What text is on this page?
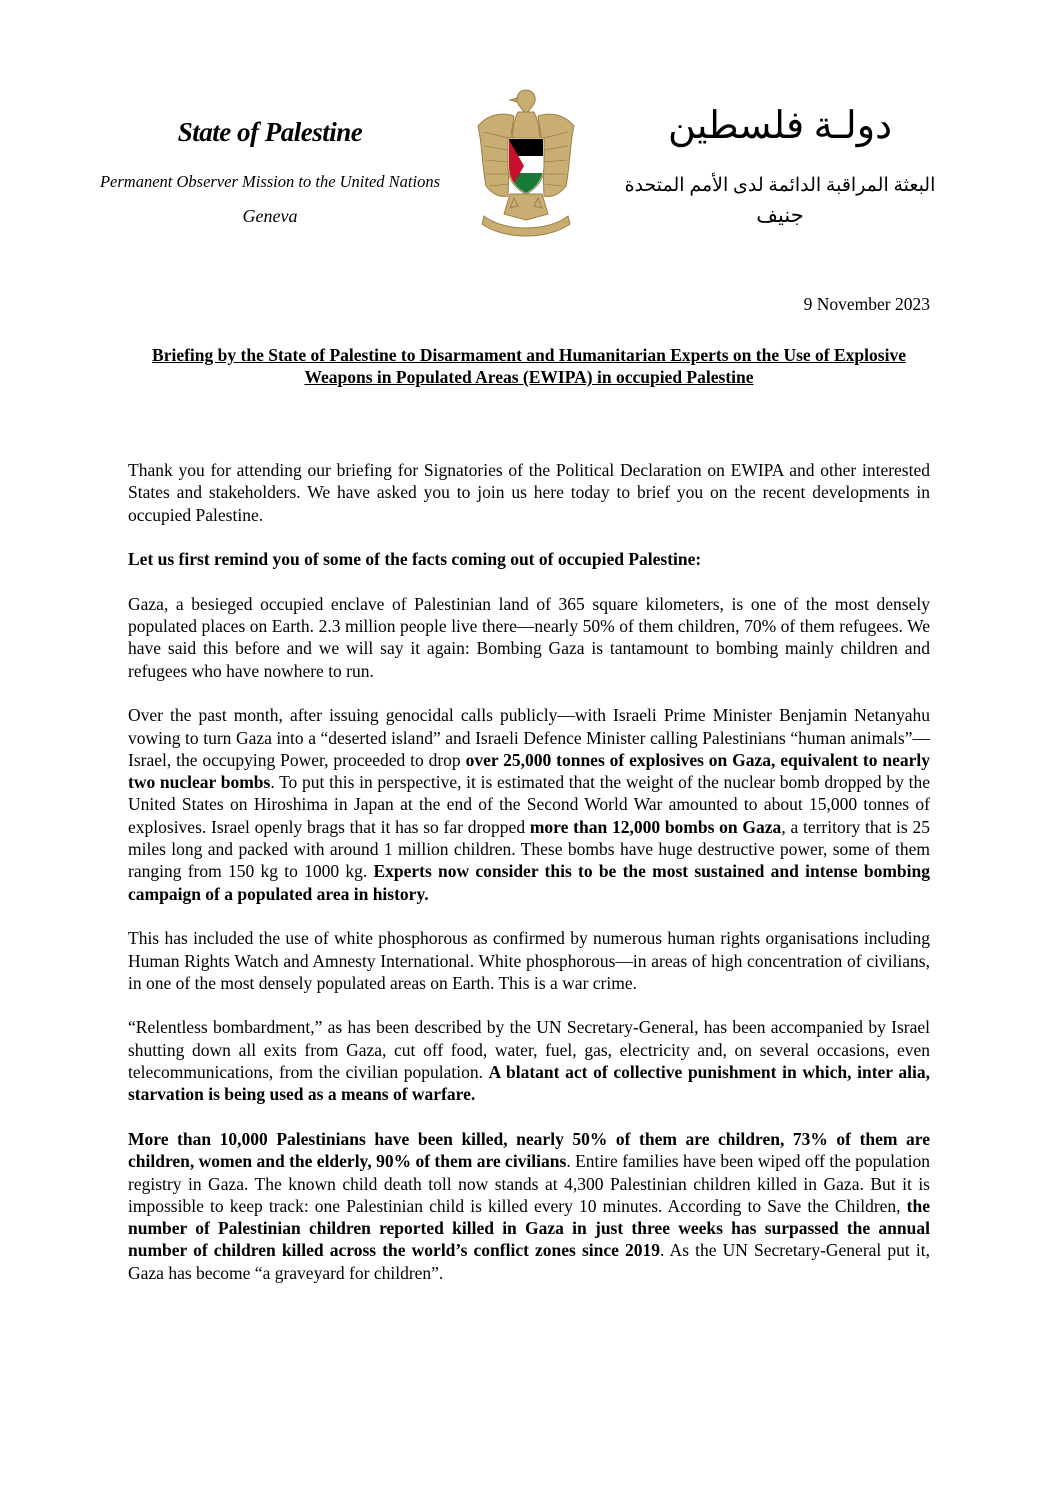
State of Palestine
Permanent Observer Mission to the United Nations
Geneva
دولـة فلسطين
البعثة المراقبة الدائمة لدى الأمم المتحدة
جنيف
9 November 2023
Briefing by the State of Palestine to Disarmament and Humanitarian Experts on the Use of Explosive Weapons in Populated Areas (EWIPA) in occupied Palestine

Thank you for attending our briefing for Signatories of the Political Declaration on EWIPA and other interested States and stakeholders. We have asked you to join us here today to brief you on the recent developments in occupied Palestine.

Let us first remind you of some of the facts coming out of occupied Palestine:

Gaza, a besieged occupied enclave of Palestinian land of 365 square kilometers, is one of the most densely populated places on Earth. 2.3 million people live there—nearly 50% of them children, 70% of them refugees. We have said this before and we will say it again: Bombing Gaza is tantamount to bombing mainly children and refugees who have nowhere to run.

Over the past month, after issuing genocidal calls publicly—with Israeli Prime Minister Benjamin Netanyahu vowing to turn Gaza into a “deserted island” and Israeli Defence Minister calling Palestinians “human animals”—Israel, the occupying Power, proceeded to drop over 25,000 tonnes of explosives on Gaza, equivalent to nearly two nuclear bombs. To put this in perspective, it is estimated that the weight of the nuclear bomb dropped by the United States on Hiroshima in Japan at the end of the Second World War amounted to about 15,000 tonnes of explosives. Israel openly brags that it has so far dropped more than 12,000 bombs on Gaza, a territory that is 25 miles long and packed with around 1 million children. These bombs have huge destructive power, some of them ranging from 150 kg to 1000 kg. Experts now consider this to be the most sustained and intense bombing campaign of a populated area in history.

This has included the use of white phosphorous as confirmed by numerous human rights organisations including Human Rights Watch and Amnesty International. White phosphorous—in areas of high concentration of civilians, in one of the most densely populated areas on Earth. This is a war crime.

“Relentless bombardment,” as has been described by the UN Secretary-General, has been accompanied by Israel shutting down all exits from Gaza, cut off food, water, fuel, gas, electricity and, on several occasions, even telecommunications, from the civilian population. A blatant act of collective punishment in which, inter alia, starvation is being used as a means of warfare.

More than 10,000 Palestinians have been killed, nearly 50% of them are children, 73% of them are children, women and the elderly, 90% of them are civilians. Entire families have been wiped off the population registry in Gaza. The known child death toll now stands at 4,300 Palestinian children killed in Gaza. But it is impossible to keep track: one Palestinian child is killed every 10 minutes. According to Save the Children, the number of Palestinian children reported killed in Gaza in just three weeks has surpassed the annual number of children killed across the world’s conflict zones since 2019. As the UN Secretary-General put it, Gaza has become “a graveyard for children”.
